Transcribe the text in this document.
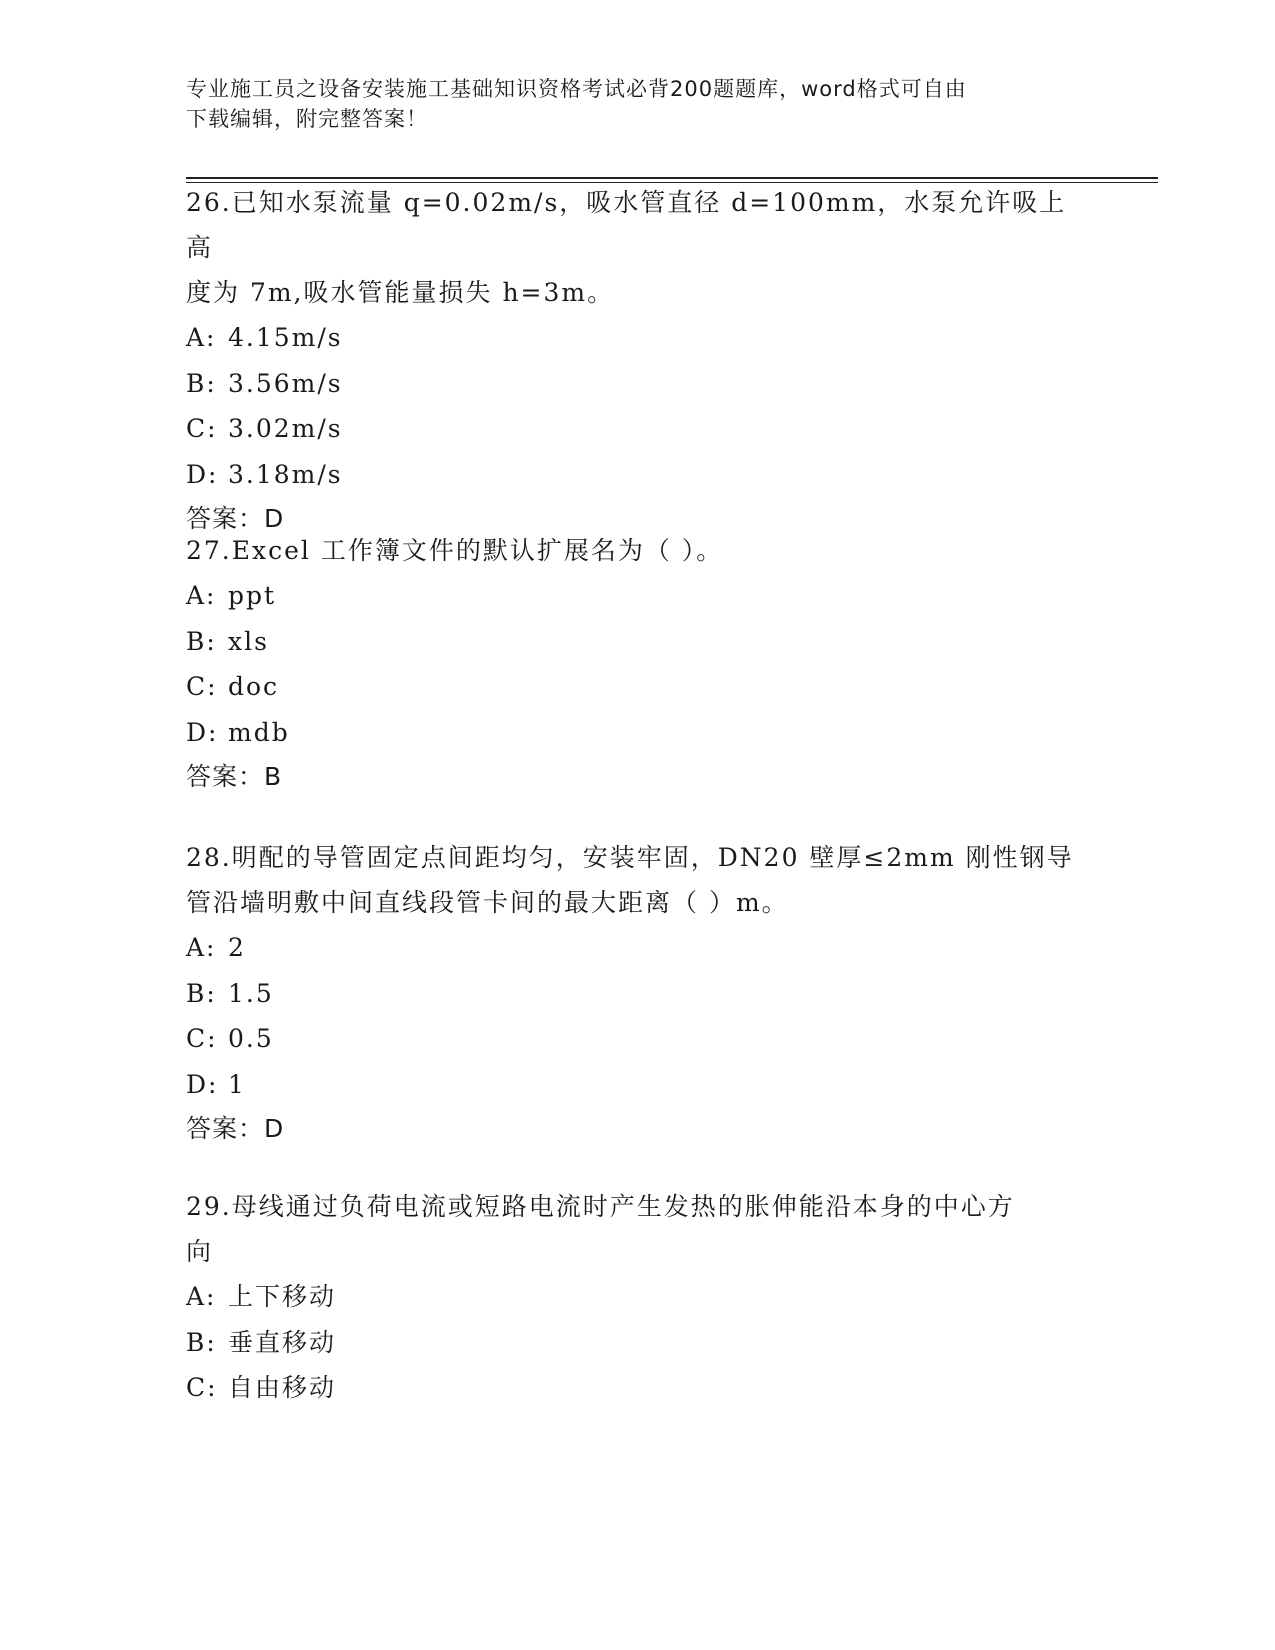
专业施工员之设备安装施工基础知识资格考试必背200题题库，word格式可自由
下载编辑，附完整答案！
26.已知水泵流量 q=0.02m/s，吸水管直径 d=100mm，水泵允许吸上高
度为 7m,吸水管能量损失 h=3m。
A: 4.15m/s
B: 3.56m/s
C: 3.02m/s
D: 3.18m/s
答案：D
27.Excel 工作簿文件的默认扩展名为（ ）。
A: ppt
B: xls
C: doc
D: mdb
答案：B
28.明配的导管固定点间距均匀，安装牢固，DN20 壁厚≤2mm 刚性钢导
管沿墙明敷中间直线段管卡间的最大距离（ ）m。
A: 2
B: 1.5
C: 0.5
D: 1
答案：D
29.母线通过负荷电流或短路电流时产生发热的胀伸能沿本身的中心方
向
A: 上下移动
B: 垂直移动
C: 自由移动
